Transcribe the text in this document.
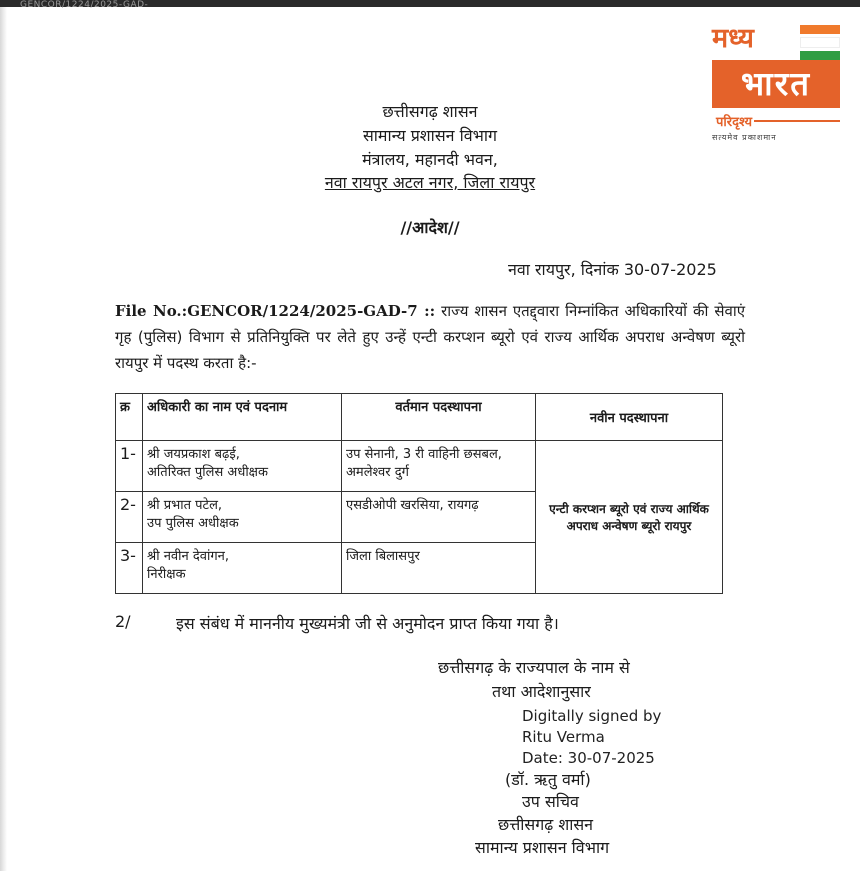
GENCOR/1224/2025-GAD-
मध्य
भारत
परिदृश्य
सत्यमेव प्रकाशमान
छत्तीसगढ़ शासन
सामान्य प्रशासन विभाग
मंत्रालय, महानदी भवन,
नवा रायपुर अटल नगर, जिला रायपुर
//आदेश//
नवा रायपुर, दिनांक 30-07-2025
File No.:GENCOR/1224/2025-GAD-7 :: राज्य शासन एतद्द्वारा निम्नांकित अधिकारियों की सेवाएं गृह (पुलिस) विभाग से प्रतिनियुक्ति पर लेते हुए उन्हें एन्टी करप्शन ब्यूरो एवं राज्य आर्थिक अपराध अन्वेषण ब्यूरो रायपुर में पदस्थ करता है:-
क्र	अधिकारी का नाम एवं पदनाम	वर्तमान पदस्थापना	नवीन पदस्थापना
1-	श्री जयप्रकाश बढ़ई,
अतिरिक्त पुलिस अधीक्षक	उप सेनानी, 3 री वाहिनी छसबल, अमलेश्वर दुर्ग	एन्टी करप्शन ब्यूरो एवं राज्य आर्थिक अपराध अन्वेषण ब्यूरो रायपुर
2-	श्री प्रभात पटेल,
उप पुलिस अधीक्षक	एसडीओपी खरसिया, रायगढ़	
3-	श्री नवीन देवांगन,
निरीक्षक	जिला बिलासपुर	
2/	इस संबंध में माननीय मुख्यमंत्री जी से अनुमोदन प्राप्त किया गया है।
छत्तीसगढ़ के राज्यपाल के नाम से
तथा आदेशानुसार
Digitally signed by
Ritu Verma
Date: 30-07-2025
(डॉ. ऋतु वर्मा)
उप सचिव
छत्तीसगढ़ शासन
सामान्य प्रशासन विभाग
